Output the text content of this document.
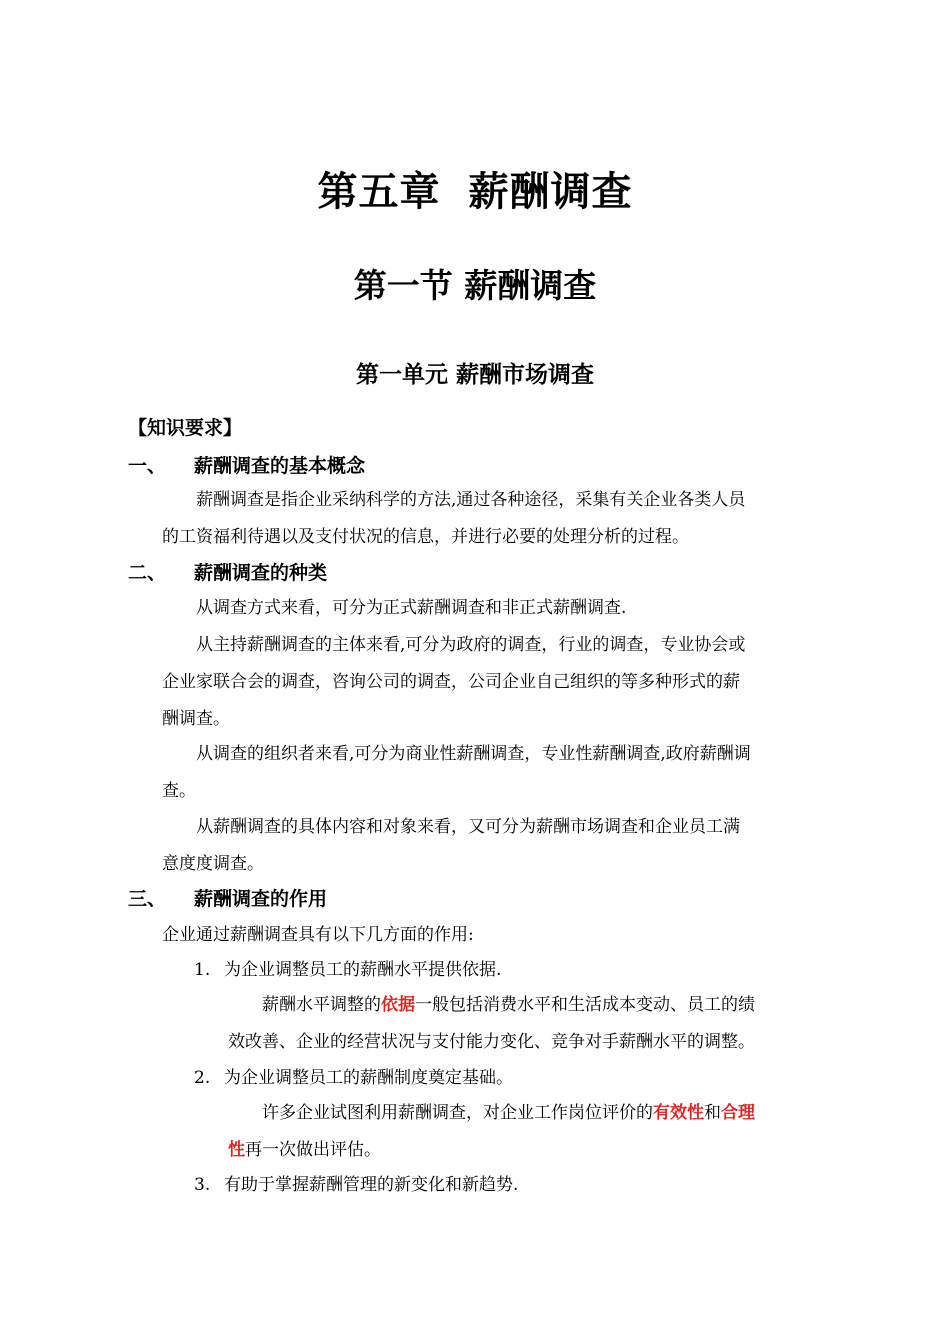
第五章 薪酬调查
第一节 薪酬调查
第一单元 薪酬市场调查
【知识要求】
一、 薪酬调查的基本概念
薪酬调查是指企业采纳科学的方法,通过各种途径，采集有关企业各类人员
的工资福利待遇以及支付状况的信息，并进行必要的处理分析的过程。
二、 薪酬调查的种类
从调查方式来看，可分为正式薪酬调查和非正式薪酬调查.
从主持薪酬调查的主体来看,可分为政府的调查，行业的调查，专业协会或
企业家联合会的调查，咨询公司的调查，公司企业自己组织的等多种形式的薪
酬调查。
从调查的组织者来看,可分为商业性薪酬调查，专业性薪酬调查,政府薪酬调
查。
从薪酬调查的具体内容和对象来看，又可分为薪酬市场调查和企业员工满
意度度调查。
三、 薪酬调查的作用
企业通过薪酬调查具有以下几方面的作用:
1. 为企业调整员工的薪酬水平提供依据.
薪酬水平调整的依据一般包括消费水平和生活成本变动、员工的绩
效改善、企业的经营状况与支付能力变化、竞争对手薪酬水平的调整。
2. 为企业调整员工的薪酬制度奠定基础。
许多企业试图利用薪酬调查，对企业工作岗位评价的有效性和合理
性再一次做出评估。
3. 有助于掌握薪酬管理的新变化和新趋势.
